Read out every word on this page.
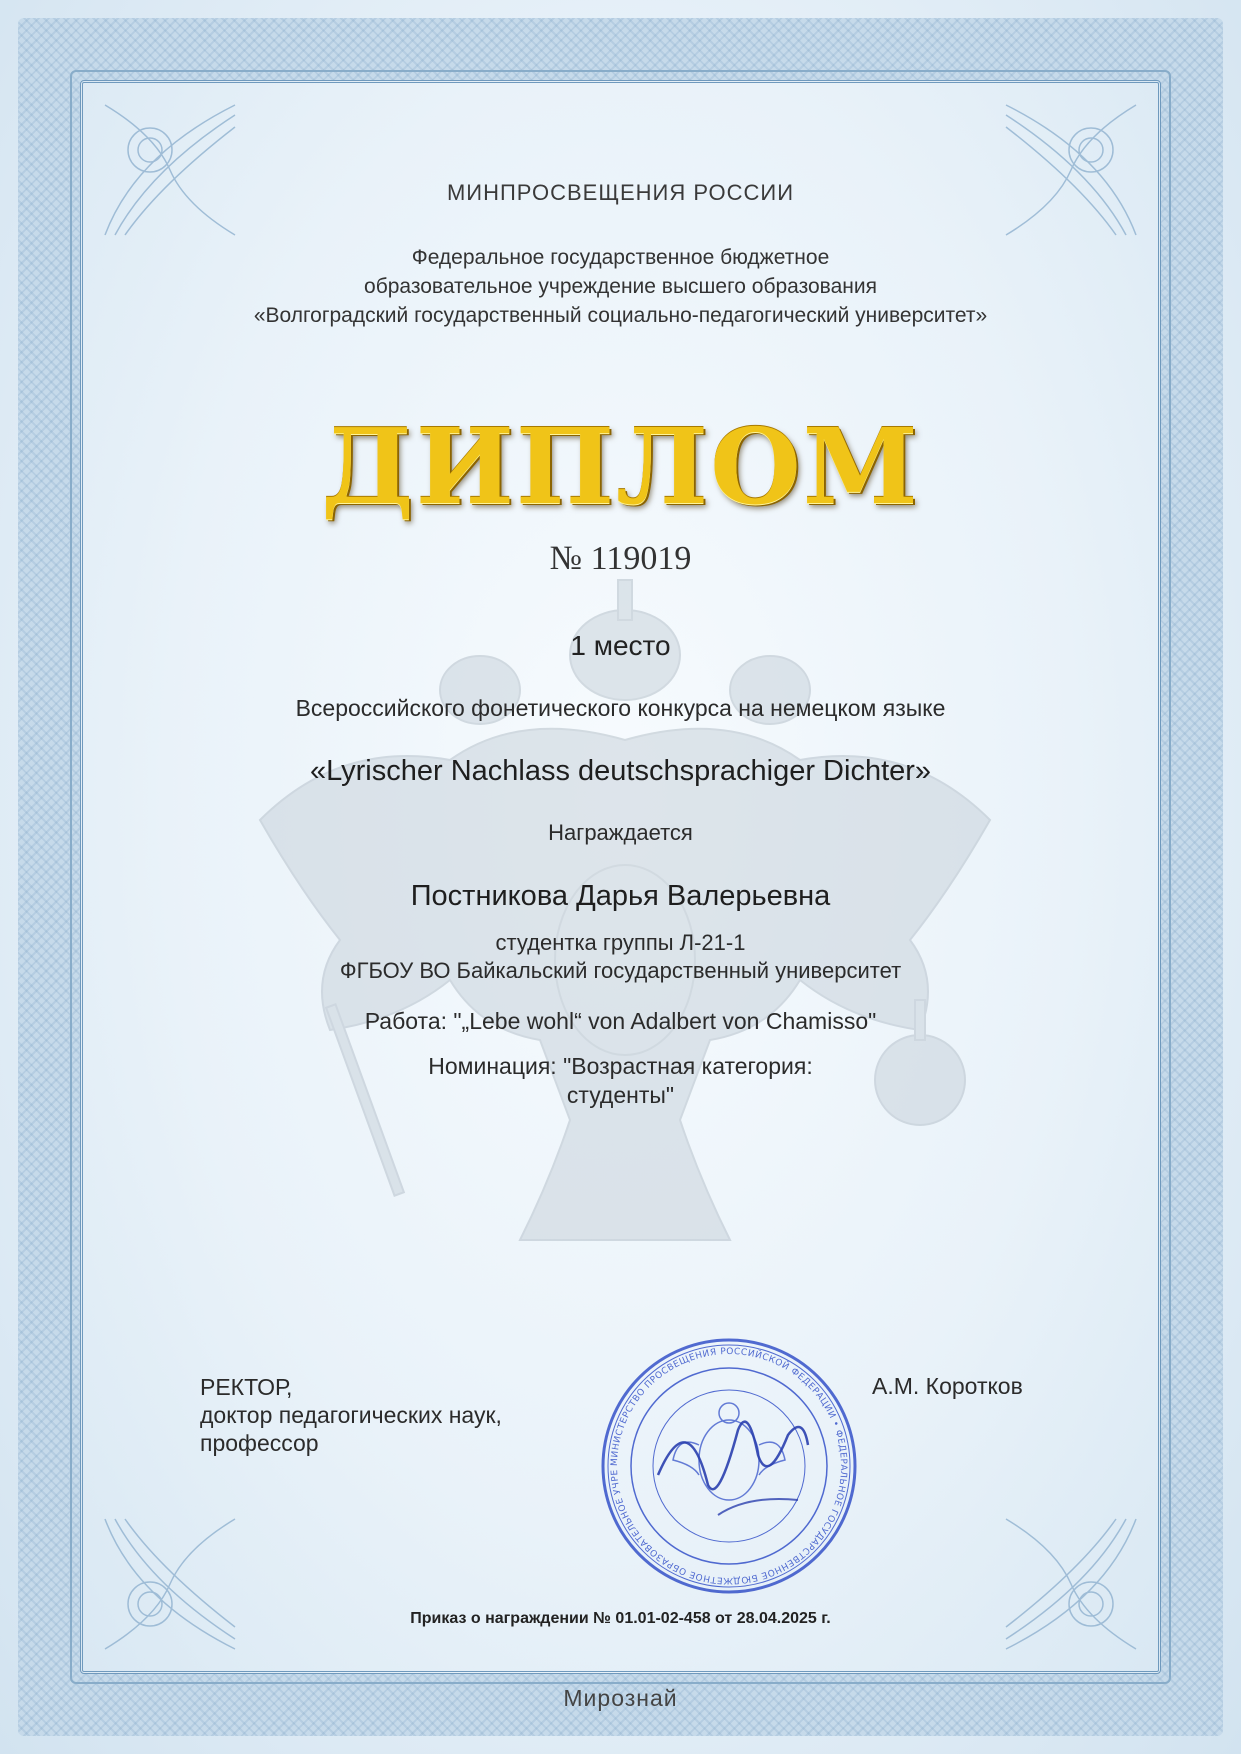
МИНПРОСВЕЩЕНИЯ РОССИИ
Федеральное государственное бюджетное
образовательное учреждение высшего образования
«Волгоградский государственный социально-педагогический университет»
ДИПЛОМ
№ 119019
1 место
Всероссийского фонетического конкурса на немецком языке
«Lyrischer Nachlass deutschsprachiger Dichter»
Награждается
Постникова Дарья Валерьевна
студентка группы Л-21-1
ФГБОУ ВО Байкальский государственный университет
Работа: "„Lebe wohl“ von Adalbert von Chamisso"
Номинация: "Возрастная категория:
студенты"
РЕКТОР,
доктор педагогических наук,
профессор
А.М. Коротков
МИНИСТЕРСТВО ПРОСВЕЩЕНИЯ РОССИЙСКОЙ ФЕДЕРАЦИИ • ФЕДЕРАЛЬНОЕ ГОСУДАРСТВЕННОЕ БЮДЖЕТНОЕ ОБРАЗОВАТЕЛЬНОЕ УЧРЕ
Приказ о награждении № 01.01-02-458 от 28.04.2025 г.
Мирознай
